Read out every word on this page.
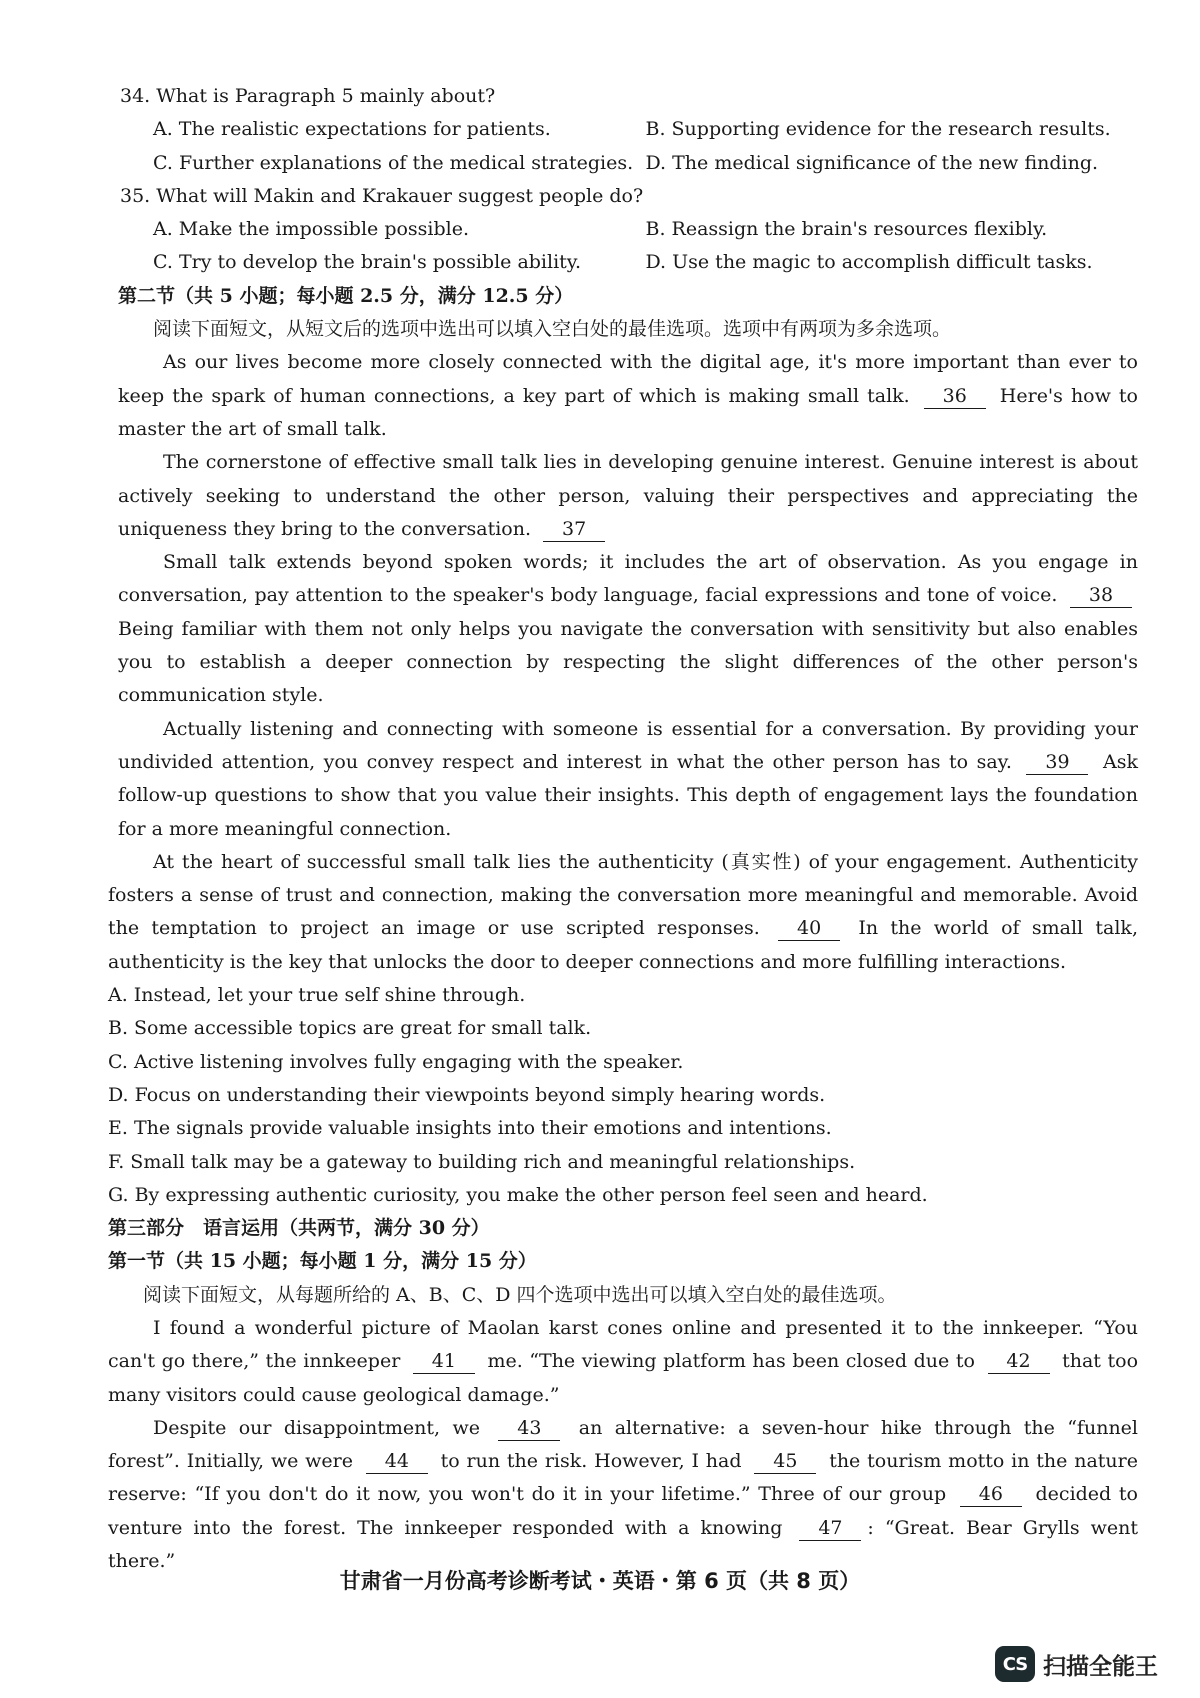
34. What is Paragraph 5 mainly about?
A. The realistic expectations for patients.	B. Supporting evidence for the research results.
C. Further explanations of the medical strategies. D. The medical significance of the new finding.
35. What will Makin and Krakauer suggest people do?
A. Make the impossible possible.	B. Reassign the brain's resources flexibly.
C. Try to develop the brain's possible ability.	D. Use the magic to accomplish difficult tasks.
第二节（共 5 小题；每小题 2.5 分，满分 12.5 分）
阅读下面短文，从短文后的选项中选出可以填入空白处的最佳选项。选项中有两项为多余选项。
As our lives become more closely connected with the digital age, it's more important than ever to keep the spark of human connections, a key part of which is making small talk. 36 Here's how to master the art of small talk.
The cornerstone of effective small talk lies in developing genuine interest. Genuine interest is about actively seeking to understand the other person, valuing their perspectives and appreciating the uniqueness they bring to the conversation. 37
Small talk extends beyond spoken words; it includes the art of observation. As you engage in conversation, pay attention to the speaker's body language, facial expressions and tone of voice. 38 Being familiar with them not only helps you navigate the conversation with sensitivity but also enables you to establish a deeper connection by respecting the slight differences of the other person's communication style.
Actually listening and connecting with someone is essential for a conversation. By providing your undivided attention, you convey respect and interest in what the other person has to say. 39 Ask follow-up questions to show that you value their insights. This depth of engagement lays the foundation for a more meaningful connection.
At the heart of successful small talk lies the authenticity (真实性) of your engagement. Authenticity fosters a sense of trust and connection, making the conversation more meaningful and memorable. Avoid the temptation to project an image or use scripted responses. 40 In the world of small talk, authenticity is the key that unlocks the door to deeper connections and more fulfilling interactions.
A. Instead, let your true self shine through.
B. Some accessible topics are great for small talk.
C. Active listening involves fully engaging with the speaker.
D. Focus on understanding their viewpoints beyond simply hearing words.
E. The signals provide valuable insights into their emotions and intentions.
F. Small talk may be a gateway to building rich and meaningful relationships.
G. By expressing authentic curiosity, you make the other person feel seen and heard.
第三部分　语言运用（共两节，满分 30 分）
第一节（共 15 小题；每小题 1 分，满分 15 分）
阅读下面短文，从每题所给的 A、B、C、D 四个选项中选出可以填入空白处的最佳选项。
I found a wonderful picture of Maolan karst cones online and presented it to the innkeeper. “You can't go there,” the innkeeper 41 me. “The viewing platform has been closed due to 42 that too many visitors could cause geological damage.”
Despite our disappointment, we 43 an alternative: a seven-hour hike through the “funnel forest”. Initially, we were 44 to run the risk. However, I had 45 the tourism motto in the nature reserve: “If you don't do it now, you won't do it in your lifetime.” Three of our group 46 decided to venture into the forest. The innkeeper responded with a knowing 47 : “Great. Bear Grylls went there.”
甘肃省一月份高考诊断考试・英语・第 6 页（共 8 页）
CS 扫描全能王
